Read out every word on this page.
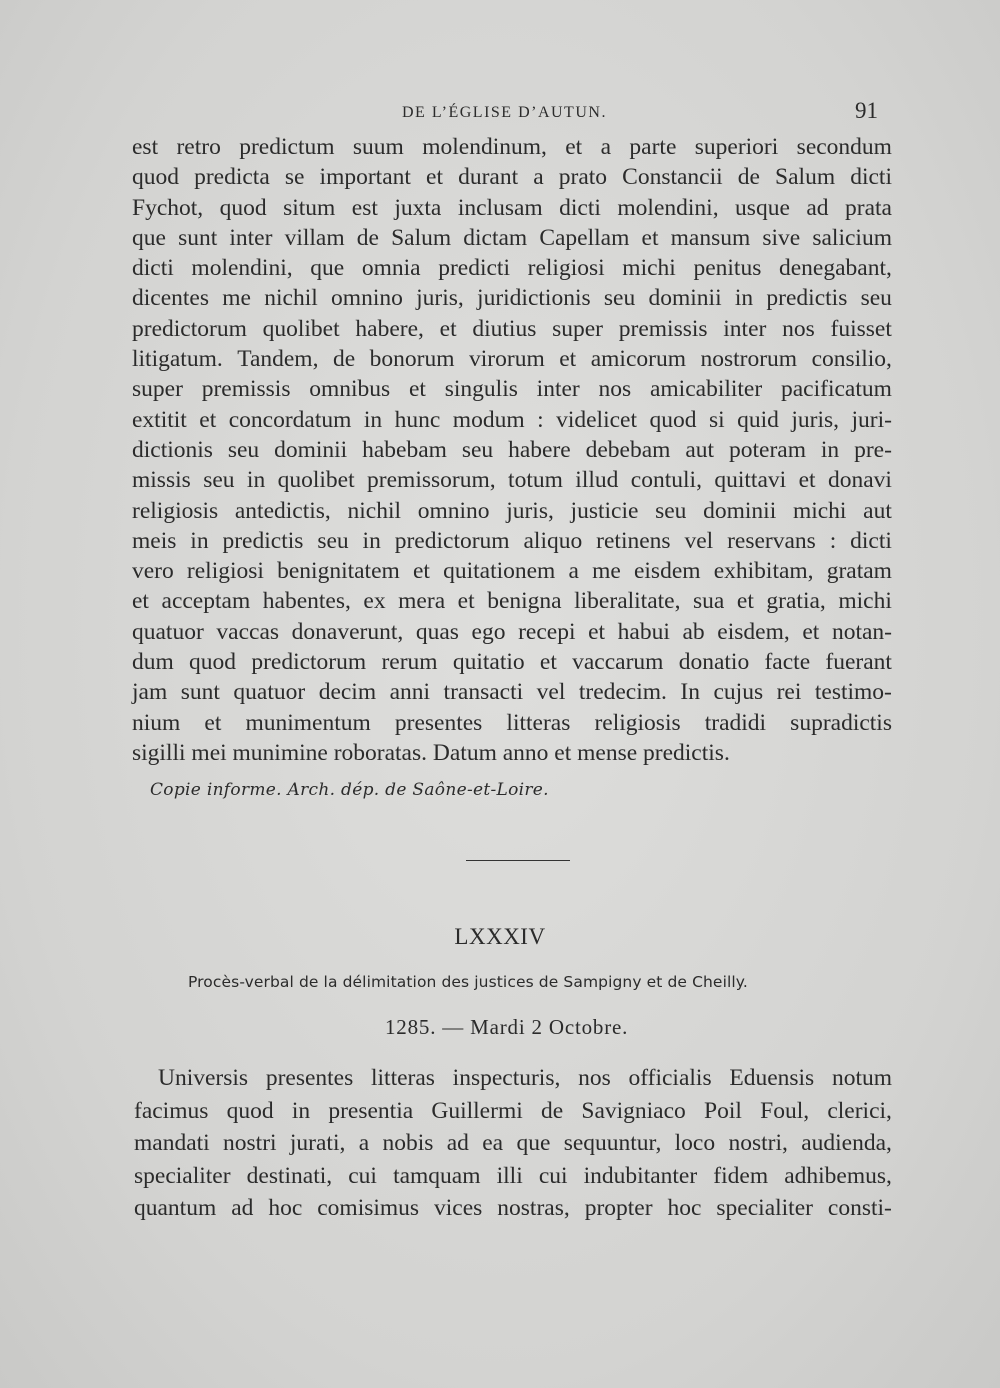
DE L’ÉGLISE D’AUTUN.	91
est retro predictum suum molendinum, et a parte superiori secondum
quod predicta se important et durant a prato Constancii de Salum dicti
Fychot, quod situm est juxta inclusam dicti molendini, usque ad prata
que sunt inter villam de Salum dictam Capellam et mansum sive salicium
dicti molendini, que omnia predicti religiosi michi penitus denegabant,
dicentes me nichil omnino juris, juridictionis seu dominii in predictis seu
predictorum quolibet habere, et diutius super premissis inter nos fuisset
litigatum. Tandem, de bonorum virorum et amicorum nostrorum consilio,
super premissis omnibus et singulis inter nos amicabiliter pacificatum
extitit et concordatum in hunc modum : videlicet quod si quid juris, juri-
dictionis seu dominii habebam seu habere debebam aut poteram in pre-
missis seu in quolibet premissorum, totum illud contuli, quittavi et donavi
religiosis antedictis, nichil omnino juris, justicie seu dominii michi aut
meis in predictis seu in predictorum aliquo retinens vel reservans : dicti
vero religiosi benignitatem et quitationem a me eisdem exhibitam, gratam
et acceptam habentes, ex mera et benigna liberalitate, sua et gratia, michi
quatuor vaccas donaverunt, quas ego recepi et habui ab eisdem, et notan-
dum quod predictorum rerum quitatio et vaccarum donatio facte fuerant
jam sunt quatuor decim anni transacti vel tredecim. In cujus rei testimo-
nium et munimentum presentes litteras religiosis tradidi supradictis
sigilli mei munimine roboratas. Datum anno et mense predictis.
Copie informe. Arch. dép. de Saône-et-Loire.
LXXXIV
Procès-verbal de la délimitation des justices de Sampigny et de Cheilly.
1285. — Mardi 2 Octobre.
Universis presentes litteras inspecturis, nos officialis Eduensis notum
facimus quod in presentia Guillermi de Savigniaco Poil Foul, clerici,
mandati nostri jurati, a nobis ad ea que sequuntur, loco nostri, audienda,
specialiter destinati, cui tamquam illi cui indubitanter fidem adhibemus,
quantum ad hoc comisimus vices nostras, propter hoc specialiter consti-
